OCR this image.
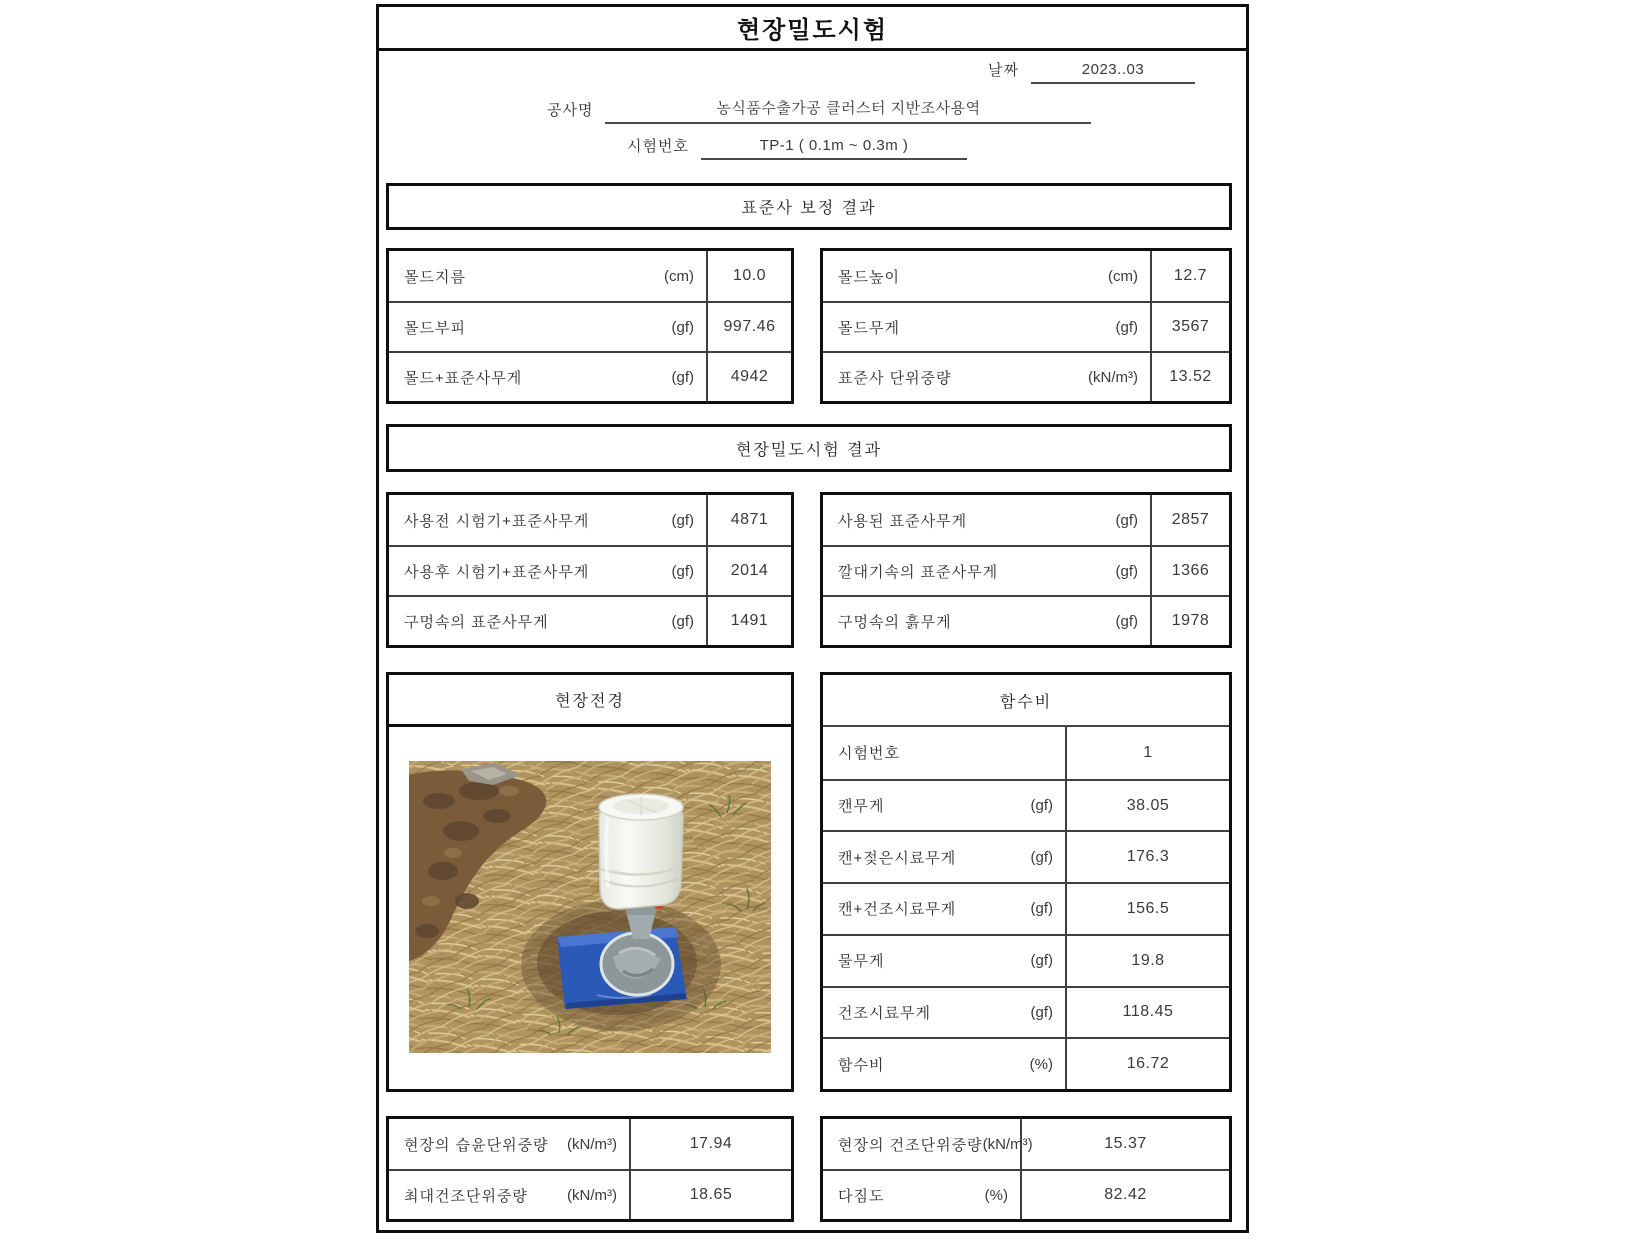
현장밀도시험
날짜	2023..03
공사명	농식품수출가공 클러스터 지반조사용역
시험번호	TP-1 ( 0.1m ~ 0.3m )
표준사 보정 결과
몰드지름	(cm)	10.0
몰드부피	(gf)	997.46
몰드+표준사무게	(gf)	4942
몰드높이	(cm)	12.7
몰드무게	(gf)	3567
표준사 단위중량	(kN/m³)	13.52
현장밀도시험 결과
사용전 시험기+표준사무게	(gf)	4871
사용후 시험기+표준사무게	(gf)	2014
구멍속의 표준사무게	(gf)	1491
사용된 표준사무게	(gf)	2857
깔대기속의 표준사무게	(gf)	1366
구멍속의 흙무게	(gf)	1978
현장전경	함수비
시험번호	1
캔무게	(gf)	38.05
캔+젖은시료무게	(gf)	176.3
캔+건조시료무게	(gf)	156.5
물무게	(gf)	19.8
건조시료무게	(gf)	118.45
함수비	(%)	16.72
현장의 습윤단위중량 (kN/m³)	17.94
최대건조단위중량	(kN/m³)	18.65
현장의 건조단위중량 (kN/m³)	15.37
다짐도	(%)	82.42
